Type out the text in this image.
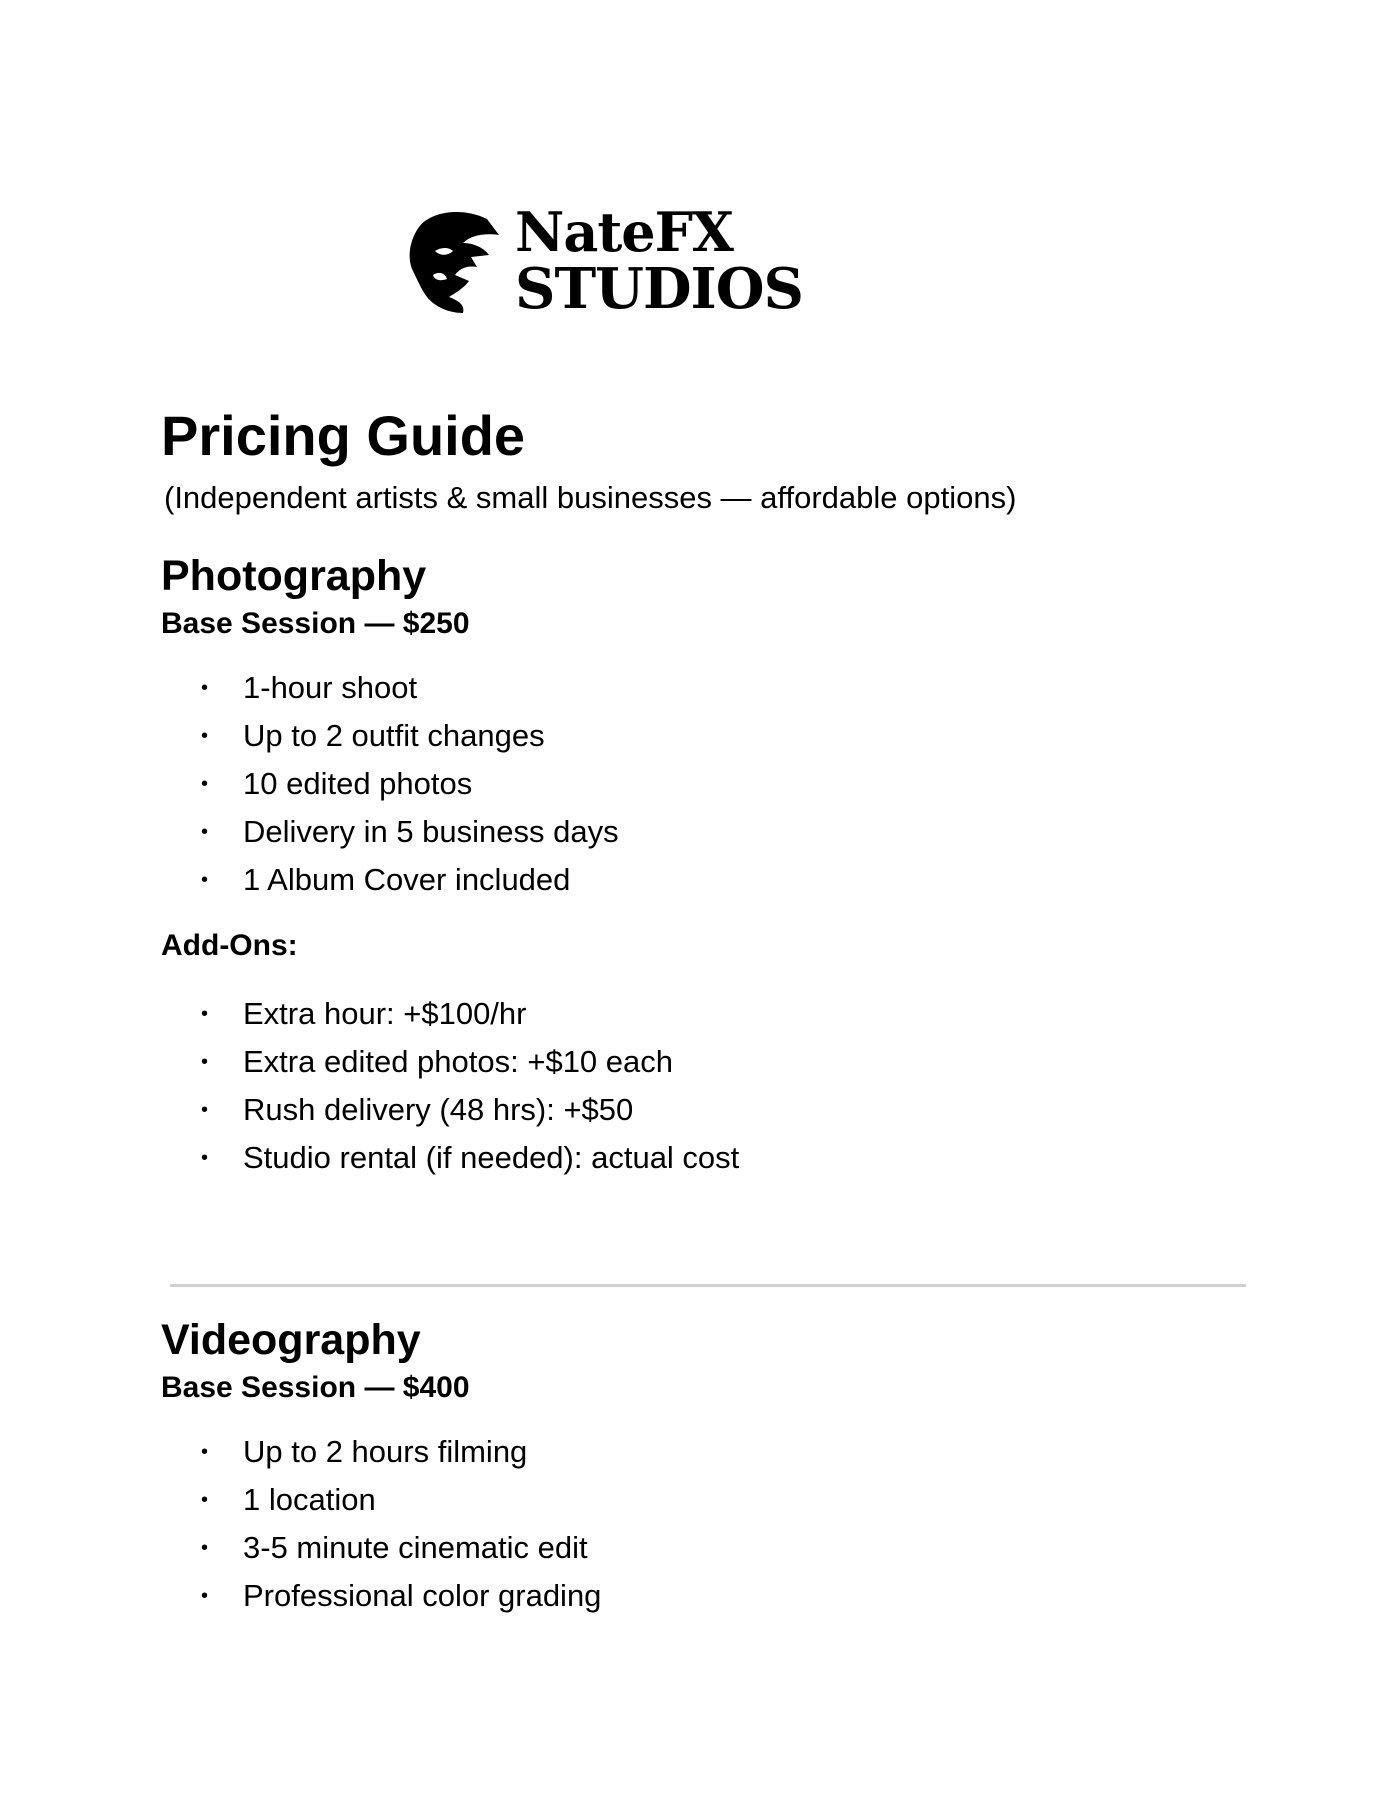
NateFX
STUDIOS
Pricing Guide
(Independent artists & small businesses — affordable options)
Photography
Base Session — $250
• 1-hour shoot
• Up to 2 outfit changes
• 10 edited photos
• Delivery in 5 business days
• 1 Album Cover included
Add-Ons:
• Extra hour: +$100/hr
• Extra edited photos: +$10 each
• Rush delivery (48 hrs): +$50
• Studio rental (if needed): actual cost
Videography
Base Session — $400
• Up to 2 hours filming
• 1 location
• 3-5 minute cinematic edit
• Professional color grading
